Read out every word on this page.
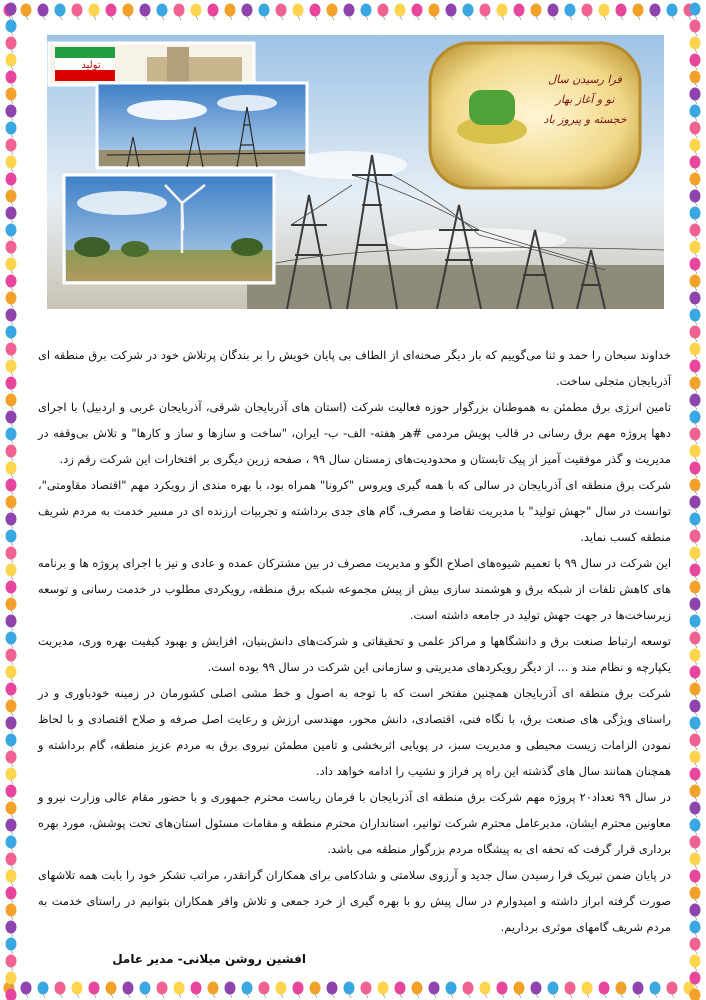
فرا رسیدن سال
نو و آغاز بهار
خجسته و پیروز باد
تولید

خداوند سبحان را حمد و ثنا می‌گوییم که بار دیگر صحنه‌ای از الطاف بی پایان خویش را بر بندگان پرتلاش خود در شرکت برق منطقه ای آذربایجان متجلی ساخت.

تامین انرژی برق مطمئن به هموطنان بزرگوار حوزه فعالیت شرکت (استان های آذربایجان شرقی، آذربایجان غربی و اردبیل) با اجرای دهها پروژه مهم برق رسانی در قالب پویش مردمی #هر هفته- الف- ب- ایران، "ساخت و سازها و ساز و کارها" و تلاش بی‌وقفه در مدیریت و گذر موفقیت آمیز از پیک تابستان و محدودیت‌های زمستان سال ۹۹ ، صفحه زرین دیگری بر افتخارات این شرکت رقم زد.

شرکت برق منطقه ای آذربایجان در سالی که با همه گیری ویروس "کرونا" همراه بود، با بهره مندی از رویکرد مهم "اقتصاد مقاومتی"، توانست در سال "جهش تولید" با مدیریت تقاضا و مصرف، گام های جدی برداشته و تجربیات ارزنده ای در مسیر خدمت به مردم شریف منطقه کسب نماید.

این شرکت در سال ۹۹ با تعمیم شیوه‌های اصلاح الگو و مدیریت مصرف در بین مشترکان عمده و عادی و نیز با اجرای پروژه ها و برنامه های کاهش تلفات از شبکه برق و هوشمند سازی بیش از پیش مجموعه شبکه برق منطقه، رویکردی مطلوب در خدمت رسانی و توسعه زیرساخت‌ها در جهت جهش تولید در جامعه داشته است.

توسعه ارتباط صنعت برق و دانشگاهها و مراکز علمی و تحقیقاتی و شرکت‌های دانش‌بنیان، افزایش و بهبود کیفیت بهره وری، مدیریت یکپارچه و نظام مند و ... از دیگر رویکردهای مدیریتی و سازمانی این شرکت در سال ۹۹ بوده است.

شرکت برق منطقه ای آذربایجان همچنین مفتخر است که با توجه به اصول و خط مشی اصلی کشورمان در زمینه خودباوری و در راستای ویژگی های صنعت برق، با نگاه فنی، اقتصادی، دانش محور، مهندسی ارزش و رعایت اصل صرفه و صلاح اقتصادی و با لحاظ نمودن الزامات زیست محیطی و مدیریت سبز، در پویایی اثربخشی و تامین مطمئن نیروی برق به مردم عزیز منطقه، گام برداشته و همچنان همانند سال های گذشته این راه پر فراز و نشیب را ادامه خواهد داد.

در سال ۹۹ تعداد۲۰ پروژه مهم شرکت برق منطقه ای آذربایجان با فرمان ریاست محترم جمهوری و با حضور مقام عالی وزارت نیرو و معاونین محترم ایشان، مدیرعامل محترم شرکت توانیر، استانداران محترم منطقه و مقامات مسئول استان‌های تحت پوشش، مورد بهره برداری قرار گرفت که تحفه ای به پیشگاه مردم بزرگوار منطقه می باشد.

در پایان ضمن تبریک فرا رسیدن سال جدید و آرزوی سلامتی و شادکامی برای همکاران گرانقدر، مراتب تشکر خود را بابت همه تلاشهای صورت گرفته ابراز داشته و امیدوارم در سال پیش رو با بهره گیری از خرد جمعی و تلاش وافر همکاران بتوانیم در راستای خدمت به مردم شریف گامهای موثری برداریم.

افشین روشن میلانی- مدیر عامل
